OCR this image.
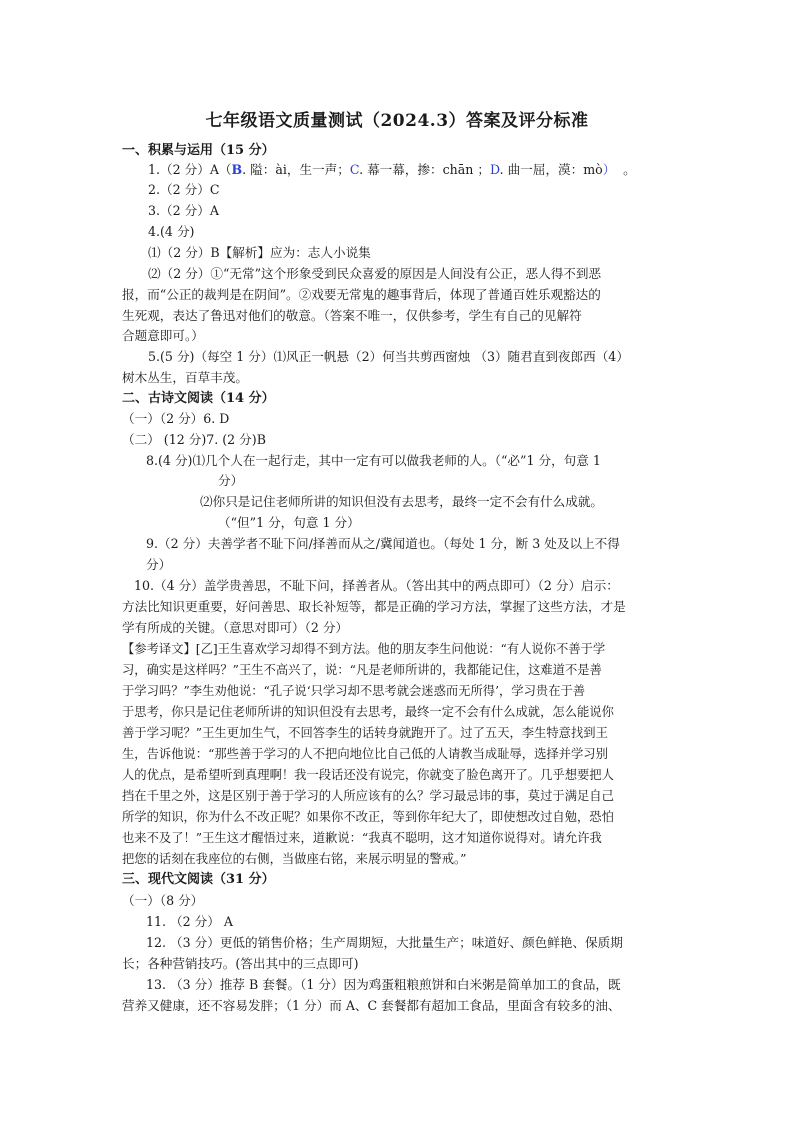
七年级语文质量测试（2024.3）答案及评分标准
一、积累与运用（15 分）
1.（2 分）A（B. 隘：ài，生一声；C. 幕一幕，掺：chān ；D. 曲一屈，漠：mò） 。
2.（2 分）C
3.（2 分）A
4.(4 分)
⑴（2 分）B【解析】应为：志人小说集
⑵（2 分）①“无常”这个形象受到民众喜爱的原因是人间没有公正，恶人得不到恶
报，而“公正的裁判是在阴间”。②戏要无常鬼的趣事背后，体现了普通百姓乐观豁达的
生死观，表达了鲁迅对他们的敬意。（答案不唯一，仅供参考，学生有自己的见解符
合题意即可。）
5.(5 分)（每空 1 分）⑴风正一帆悬（2）何当共剪西窗烛 （3）随君直到夜郎西（4）
树木丛生，百草丰茂。
二、古诗文阅读（14 分）
（一）（2 分）6. D
（二） (12 分)7. (2 分)B
8.(4 分)⑴几个人在一起行走，其中一定有可以做我老师的人。（“必”1 分，句意 1
分）
⑵你只是记住老师所讲的知识但没有去思考，最终一定不会有什么成就。
（“但”1 分，句意 1 分）
9.（2 分）夫善学者不耻下问/择善而从之/冀闻道也。（每处 1 分，断 3 处及以上不得
分）
10.（4 分）盖学贵善思，不耻下问，择善者从。（答出其中的两点即可）（2 分）启示：
方法比知识更重要，好问善思、取长补短等，都是正确的学习方法，掌握了这些方法，才是
学有所成的关键。（意思对即可）（2 分）
【参考译文】[乙]王生喜欢学习却得不到方法。他的朋友李生问他说：“有人说你不善于学
习，确实是这样吗？”王生不高兴了，说：“凡是老师所讲的，我都能记住，这难道不是善
于学习吗？”李生劝他说：“孔子说‘只学习却不思考就会迷惑而无所得’，学习贵在于善
于思考，你只是记住老师所讲的知识但没有去思考，最终一定不会有什么成就，怎么能说你
善于学习呢？”王生更加生气，不回答李生的话转身就跑开了。过了五天，李生特意找到王
生，告诉他说：“那些善于学习的人不把向地位比自己低的人请教当成耻辱，选择并学习别
人的优点，是希望听到真理啊！我一段话还没有说完，你就变了脸色离开了。几乎想要把人
挡在千里之外，这是区别于善于学习的人所应该有的么？学习最忌讳的事，莫过于满足自己
所学的知识，你为什么不改正呢？如果你不改正，等到你年纪大了，即使想改过自勉，恐怕
也来不及了！”王生这才醒悟过来，道歉说：“我真不聪明，这才知道你说得对。请允许我
把您的话刻在我座位的右侧，当做座右铭，来展示明显的警戒。”
三、现代文阅读（31 分）
（一）（8 分）
11. （2 分） A
12. （3 分）更低的销售价格；生产周期短，大批量生产；味道好、颜色鲜艳、保质期
长；各种营销技巧。(答出其中的三点即可)
13. （3 分）推荐 B 套餐。（1 分）因为鸡蛋粗粮煎饼和白米粥是简单加工的食品，既
营养又健康，还不容易发胖；（1 分）而 A、C 套餐都有超加工食品，里面含有较多的油、
